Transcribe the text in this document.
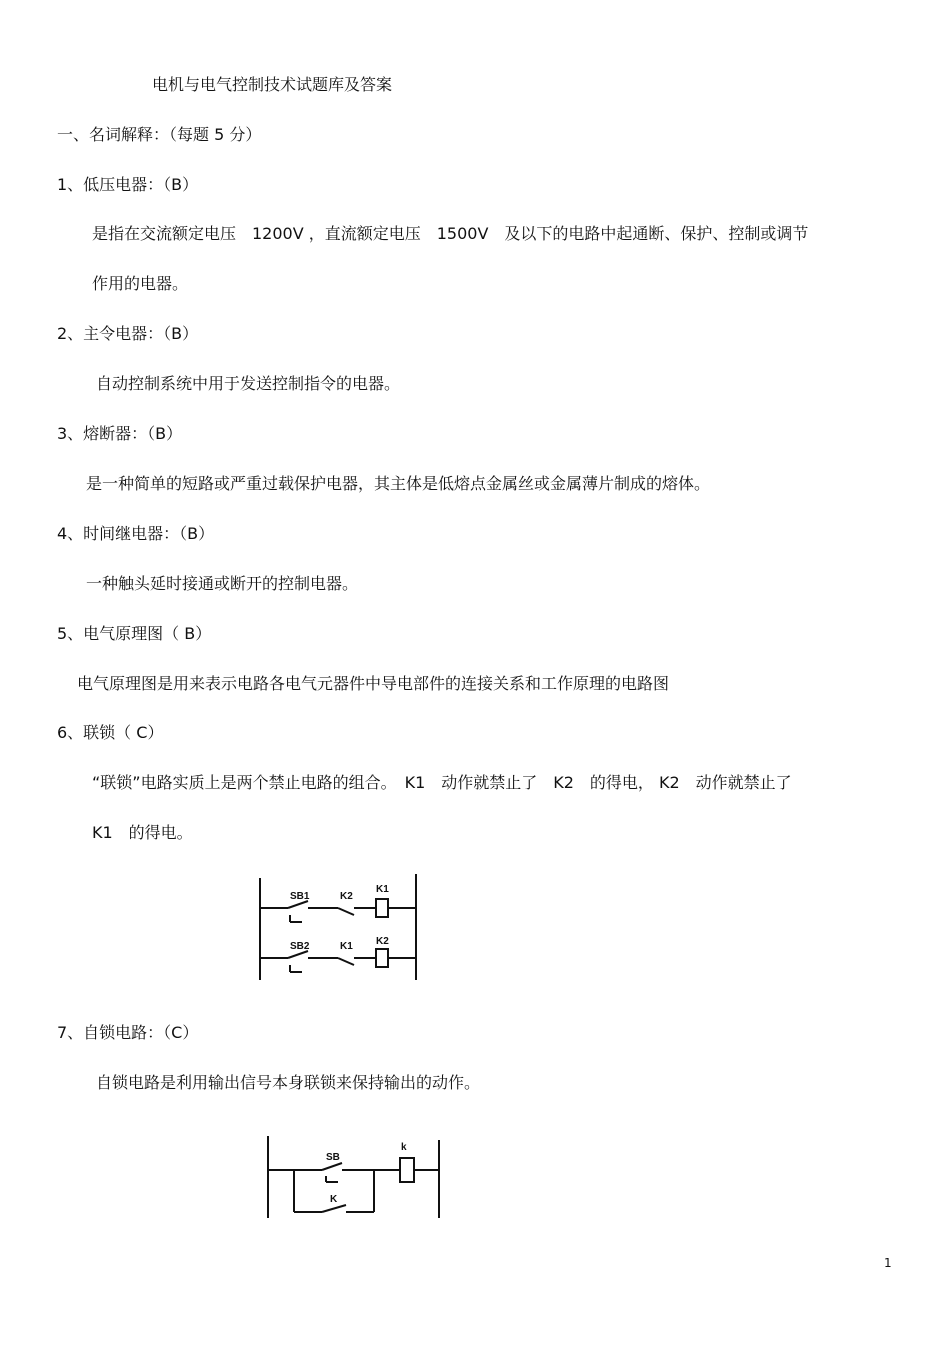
电机与电气控制技术试题库及答案
一、名词解释：（每题 5 分）
1、低压电器：（B）
是指在交流额定电压　1200V ，直流额定电压　1500V　及以下的电路中起通断、保护、控制或调节
作用的电器。
2、主令电器：（B）
自动控制系统中用于发送控制指令的电器。
3、熔断器：（B）
是一种简单的短路或严重过载保护电器，其主体是低熔点金属丝或金属薄片制成的熔体。
4、时间继电器：（B）
一种触头延时接通或断开的控制电器。
5、电气原理图（ B）
电气原理图是用来表示电路各电气元器件中导电部件的连接关系和工作原理的电路图
6、联锁（ C）
“联锁”电路实质上是两个禁止电路的组合。　K1　动作就禁止了　K2　的得电， K2　动作就禁止了
K1　的得电。
SB1	K2
K1
SB2	K1 K2
7、自锁电路：（C）
自锁电路是利用输出信号本身联锁来保持输出的动作。
SB
k
K
1
